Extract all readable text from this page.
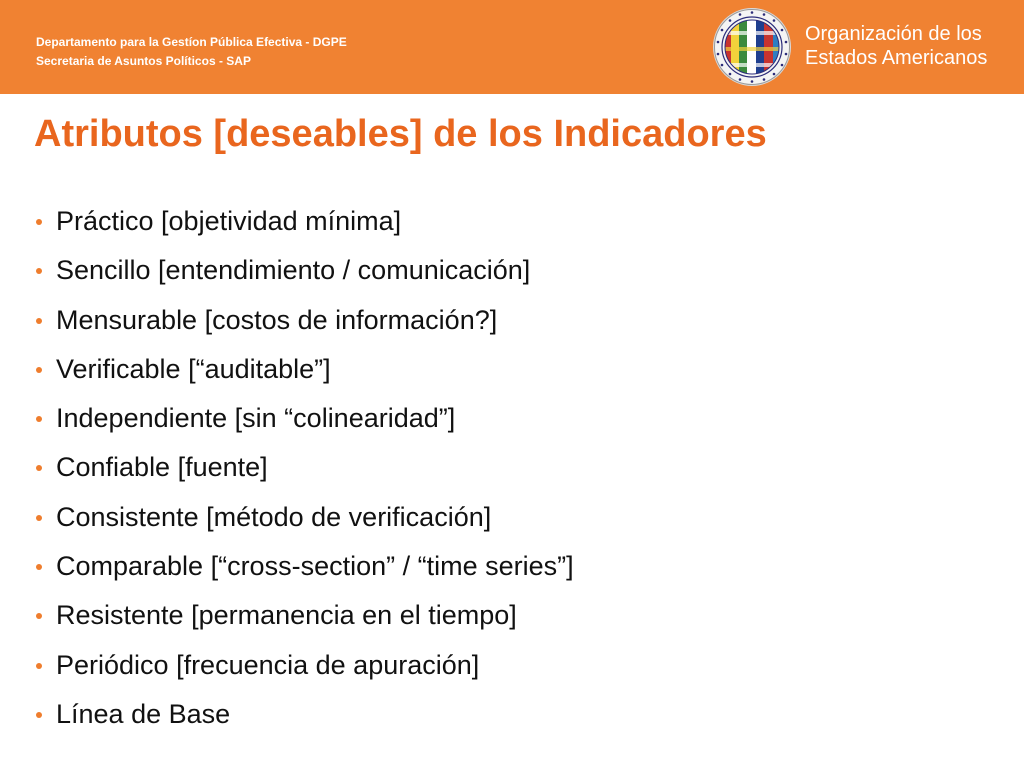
Departamento para la Gestíon Pública Efectiva - DGPE
Secretaria de Asuntos Políticos - SAP
Organización de los
Estados Americanos
Atributos [deseables] de los Indicadores
Práctico [objetividad mínima]
Sencillo [entendimiento / comunicación]
Mensurable [costos de información?]
Verificable [“auditable”]
Independiente [sin “colinearidad”]
Confiable [fuente]
Consistente [método de verificación]
Comparable [“cross-section” / “time series”]
Resistente [permanencia en el tiempo]
Periódico [frecuencia de apuración]
Línea de Base
